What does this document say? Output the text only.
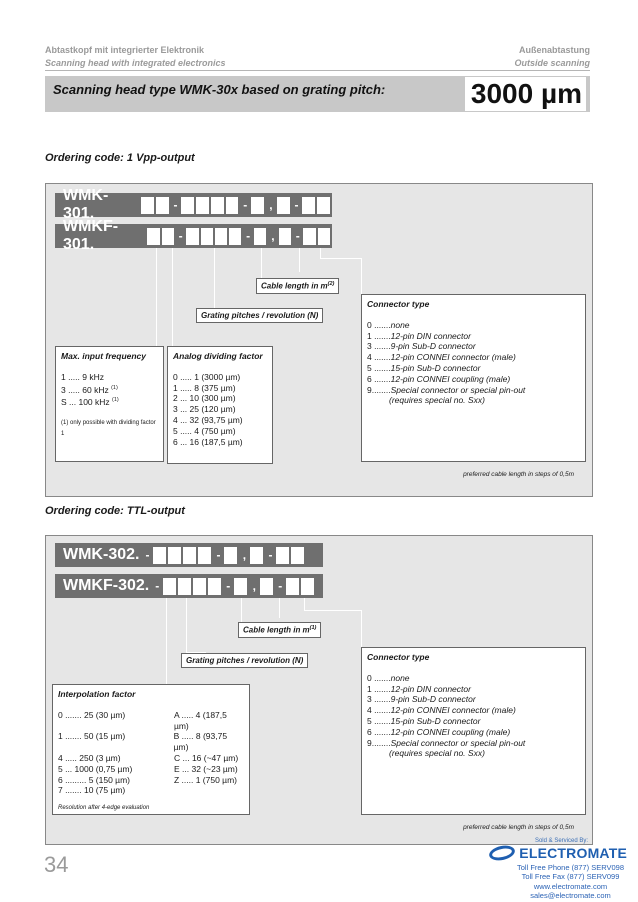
Abtastkopf mit integrierter Elektronik
Scanning head with integrated electronics
Außenabtastung
Outside scanning
Scanning head type WMK-30x based on grating pitch:	3000 µm
Ordering code: 1 Vpp-output
WMK-301.	-	- , -
WMKF-301.	-	- , -
Cable length in $m^{(2)}$
Grating pitches / revolution (N)
Max. input frequency
1 ..... 9 kHz
3 ..... 60 kHz $^{(1)}$
S ... 100 kHz $^{(1)}$
(1) only possible with dividing factor 1
Analog dividing factor
0 ..... 1 (3000 µm)
1 ..... 8 (375 µm)
2 ... 10 (300 µm)
3 ... 25 (120 µm)
4 ... 32 (93,75 µm)
5 ..... 4 (750 µm)
6 ... 16 (187,5 µm)
Connector type
0 .......none
1 .......12-pin DIN connector
3 .......9-pin Sub-D connector
4 .......12-pin CONNEI connector (male)
5 .......15-pin Sub-D connector
6 .......12-pin CONNEI coupling (male)
9........Special connector or special pin-out
(requires special no. Sxx)
preferred cable length in steps of 0,5m
Ordering code: TTL-output
WMK-302. -	- , -
WMKF-302. -	- , -
Cable length in $m^{(1)}$
Grating pitches / revolution (N)
Interpolation factor
0 ....... 25 (30 µm)	A ..... 4 (187,5 µm)
1 ....... 50 (15 µm)	B ..... 8 (93,75 µm)
4 ..... 250 (3 µm)	C ... 16 (~47 µm)
5 ... 1000 (0,75 µm)	E ... 32 (~23 µm)
6 ......... 5 (150 µm)	Z ..... 1 (750 µm)
7 ....... 10 (75 µm)
Resolution after 4-edge evaluation
Connector type
0 .......none
1 .......12-pin DIN connector
3 .......9-pin Sub-D connector
4 .......12-pin CONNEI connector (male)
5 .......15-pin Sub-D connector
6 .......12-pin CONNEI coupling (male)
9........Special connector or special pin-out
(requires special no. Sxx)
preferred cable length in steps of 0,5m
34
Sold & Serviced By:
ELECTROMATE
Toll Free Phone (877) SERV098
Toll Free Fax (877) SERV099
www.electromate.com
sales@electromate.com
